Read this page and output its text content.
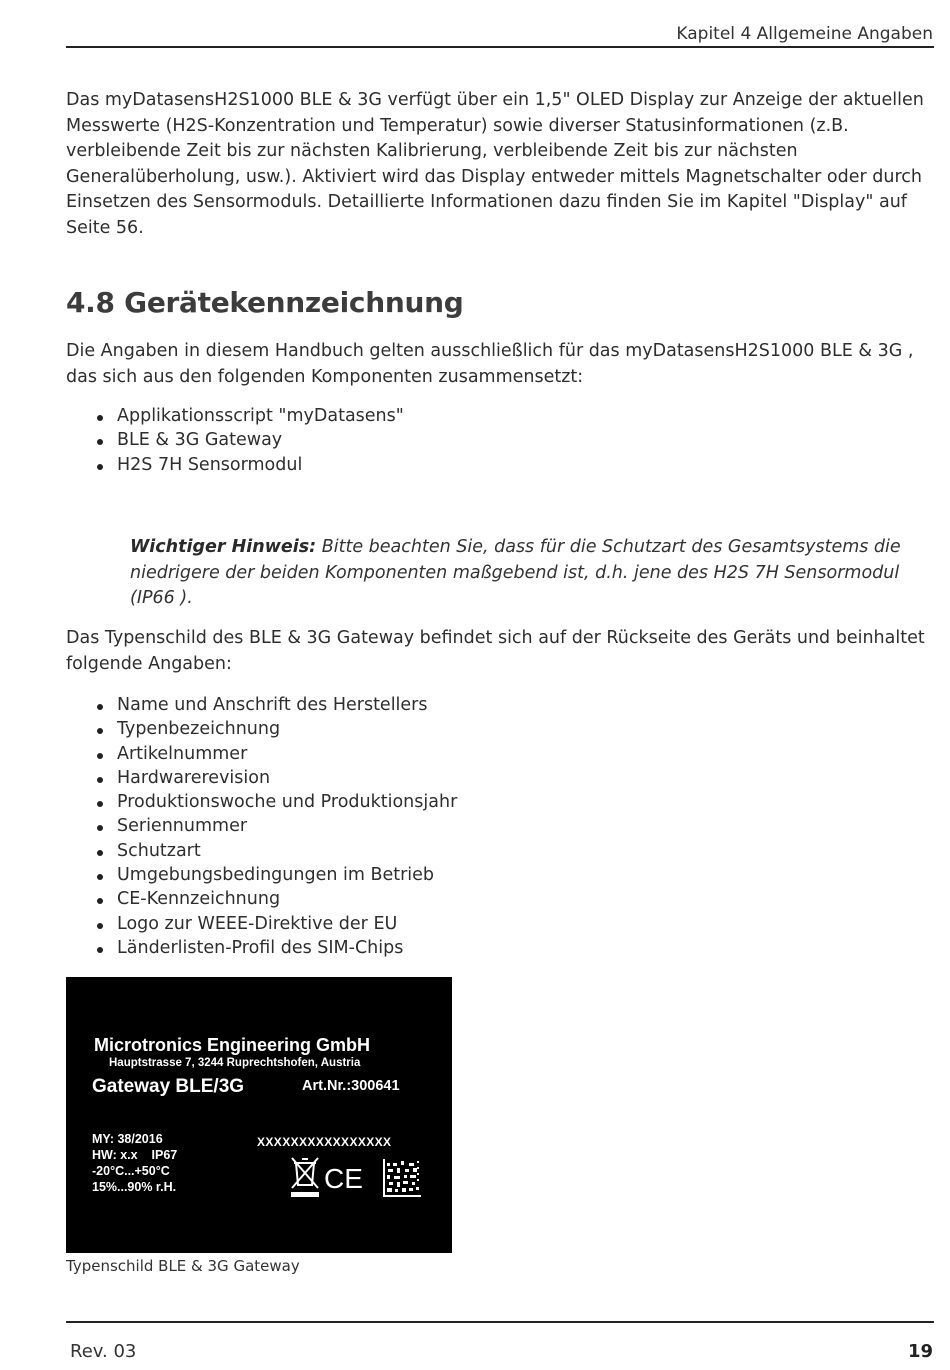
Kapitel 4 Allgemeine Angaben

Das myDatasensH2S1000 BLE & 3G verfügt über ein 1,5" OLED Display zur Anzeige der aktuellen Messwerte (H2S-Konzentration und Temperatur) sowie diverser Statusinformationen (z.B. verbleibende Zeit bis zur nächsten Kalibrierung, verbleibende Zeit bis zur nächsten Generalüberholung, usw.). Aktiviert wird das Display entweder mittels Magnetschalter oder durch Einsetzen des Sensormoduls. Detaillierte Informationen dazu finden Sie im Kapitel "Display" auf Seite 56.

4.8 Gerätekennzeichnung

Die Angaben in diesem Handbuch gelten ausschließlich für das myDatasensH2S1000 BLE & 3G , das sich aus den folgenden Komponenten zusammensetzt:

Applikationsscript "myDatasens"
BLE & 3G Gateway
H2S 7H Sensormodul
Wichtiger Hinweis: Bitte beachten Sie, dass für die Schutzart des Gesamtsystems die niedrigere der beiden Komponenten maßgebend ist, d.h. jene des H2S 7H Sensormodul (IP66 ).

Das Typenschild des BLE & 3G Gateway befindet sich auf der Rückseite des Geräts und beinhaltet folgende Angaben:

Name und Anschrift des Herstellers
Typenbezeichnung
Artikelnummer
Hardwarerevision
Produktionswoche und Produktionsjahr
Seriennummer
Schutzart
Umgebungsbedingungen im Betrieb
CE-Kennzeichnung
Logo zur WEEE-Direktive der EU
Länderlisten-Profil des SIM-Chips
Microtronics Engineering GmbH
Hauptstrasse 7, 3244 Ruprechtshofen, Austria
Gateway BLE/3G	Art.Nr.:300641
MY: 38/2016
HW: x.x    IP67
-20°C...+50°C
15%...90% r.H.
XXXXXXXXXXXXXXXX
CE
Typenschild BLE & 3G Gateway
Rev. 03	19
